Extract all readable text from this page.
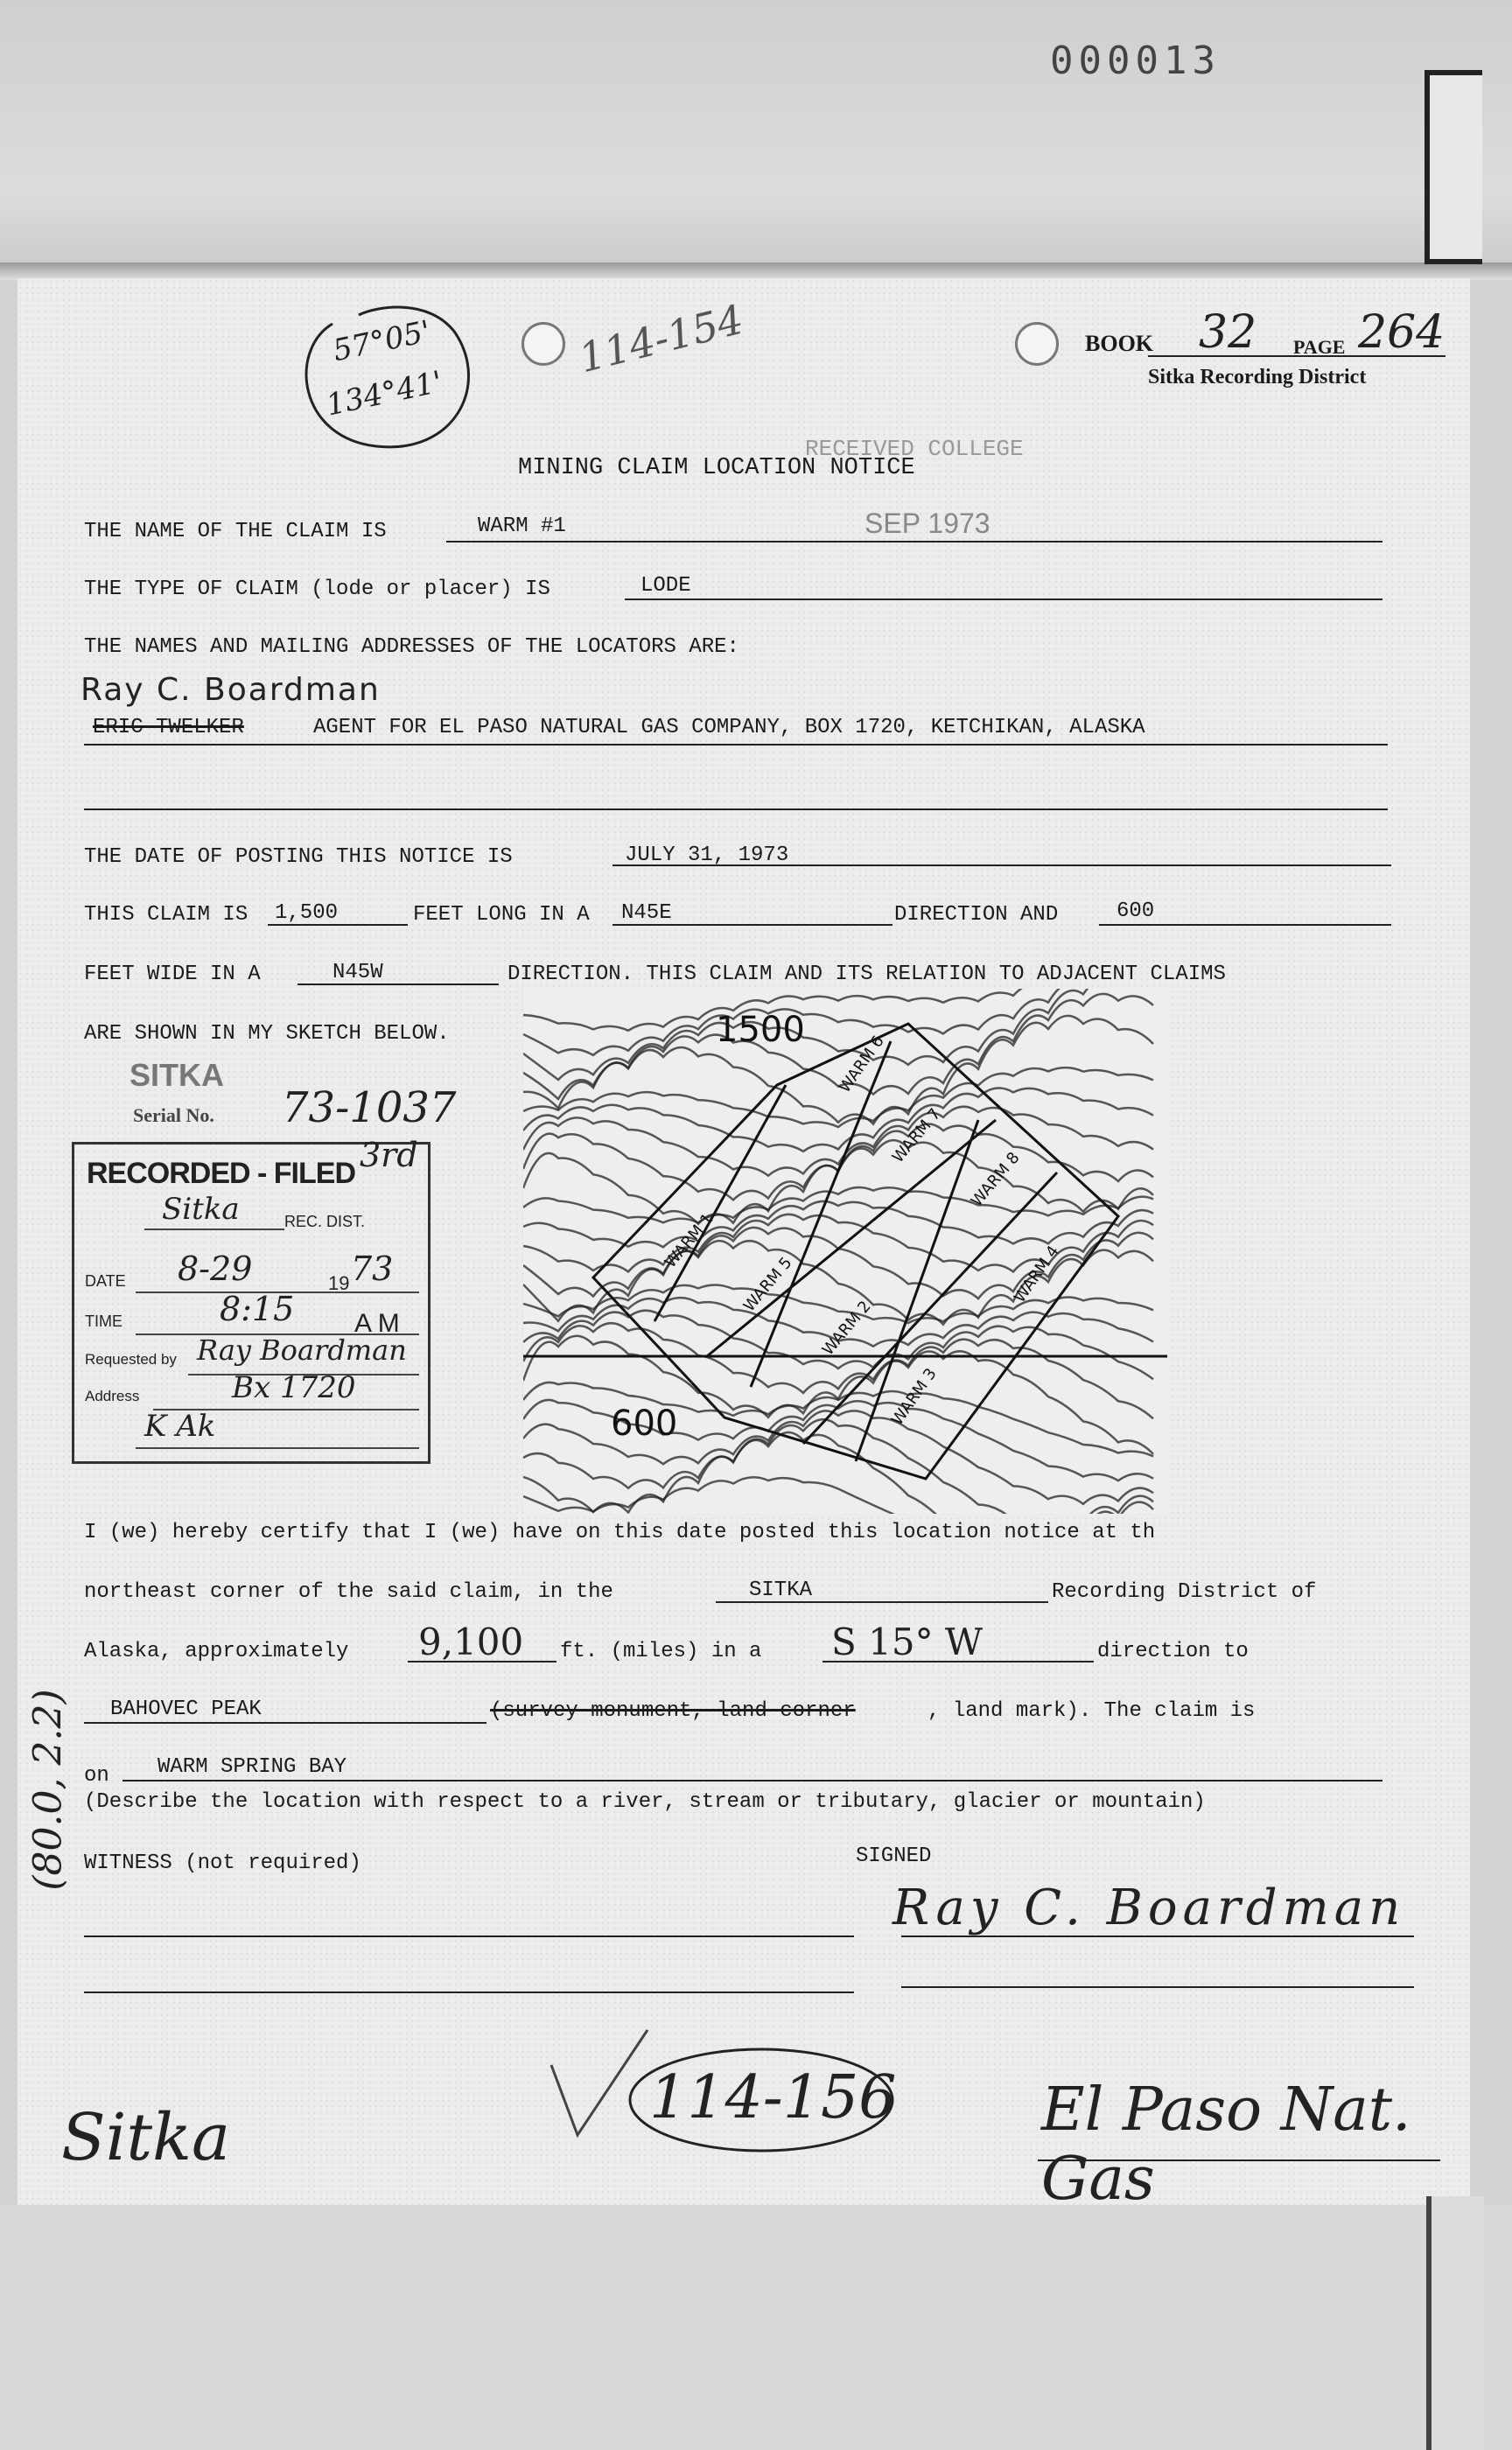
000013
57°05'
134°41'
114-154	BOOK 32 PAGE 264
Sitka Recording District
RECEIVED COLLEGE
SEP 1973
MINING CLAIM LOCATION NOTICE
THE NAME OF THE CLAIM IS	WARM #1
THE TYPE OF CLAIM (lode or placer) IS	LODE
THE NAMES AND MAILING ADDRESSES OF THE LOCATORS ARE:
Ray C. Boardman
ERIC TWELKER	AGENT FOR EL PASO NATURAL GAS COMPANY, BOX 1720, KETCHIKAN, ALASKA
THE DATE OF POSTING THIS NOTICE IS	JULY 31, 1973
THIS CLAIM IS 1,500	FEET LONG IN A N45E	DIRECTION AND	600
FEET WIDE IN A	N45W	DIRECTION. THIS CLAIM AND ITS RELATION TO ADJACENT CLAIMS
ARE SHOWN IN MY SKETCH BELOW.
SITKA
Serial No. 73-1037
RECORDED - FILED 3rd
Sitka	REC. DIST.
DATE 8-29	19 73
TIME	8:15 A M
Requested by Ray Boardman
Address	Bx 1720
K Ak
1500
600
WARM 6
WARM 7
WARM 8
WARM 1
WARM 5
WARM 2
WARM 3
WARM 4
I (we) hereby certify that I (we) have on this date posted this location notice at th
northeast corner of the said claim, in the	SITKA	Recording District of
Alaska, approximately 9,100 ft. (miles) in a S 15° W	direction to
BAHOVEC PEAK	(survey monument, land corner	, land mark). The claim is
on WARM SPRING BAY
(Describe the location with respect to a river, stream or tributary, glacier or mountain)
WITNESS (not required)	SIGNED
Ray C. Boardman
(80.0, 2.2)
Sitka
114-156 El Paso Nat. Gas
